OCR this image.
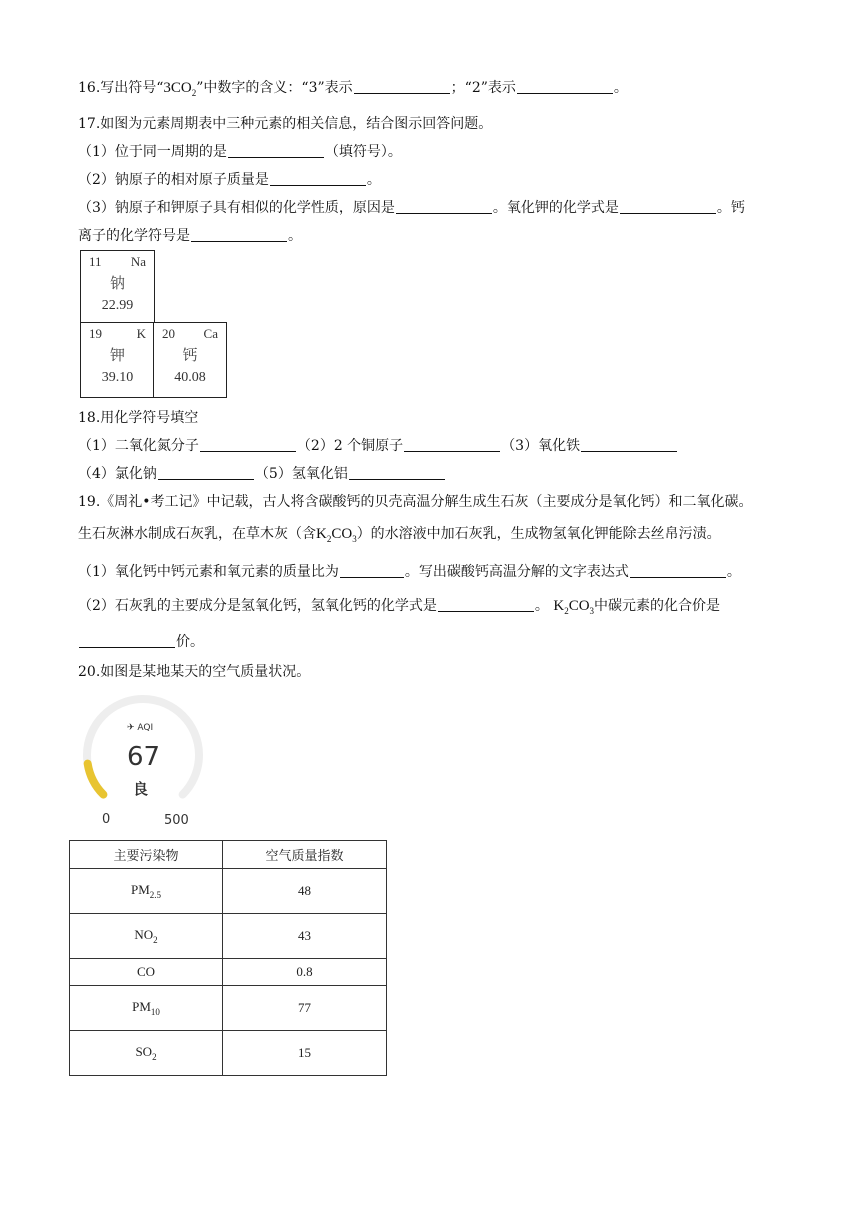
16.写出符号“$3CO_2$”中数字的含义：“3”表示	；“2”表示	。
17.如图为元素周期表中三种元素的相关信息，结合图示回答问题。
（1）位于同一周期的是	（填符号）。
（2）钠原子的相对原子质量是	。
（3）钠原子和钾原子具有相似的化学性质，原因是	。氧化钾的化学式是	。钙
离子的化学符号是	。
11 Na
钠
22.99
19	K
钾
39.10
20 Ca
钙
40.08
18.用化学符号填空
（1）二氧化氮分子	（2）2 个铜原子	（3）氧化铁
（4）氯化钠	（5）氢氧化铝
19.《周礼•考工记》中记载，古人将含碳酸钙的贝壳高温分解生成生石灰（主要成分是氧化钙）和二氧化碳。
生石灰淋水制成石灰乳，在草木灰（含$K_2CO_3$）的水溶液中加石灰乳，生成物氢氧化钾能除去丝帛污渍。
（1）氧化钙中钙元素和氧元素的质量比为	。写出碳酸钙高温分解的文字表达式	。
（2）石灰乳的主要成分是氢氧化钙，氢氧化钙的化学式是	。 $K_2CO_3$中碳元素的化合价是
价。
20.如图是某地某天的空气质量状况。
✈ AQI
67
良
0	500
主要污染物	空气质量指数
$PM_{2.5}$	48
$NO_2$	43
CO	0.8
$PM_{10}$	77
$SO_2$	15
